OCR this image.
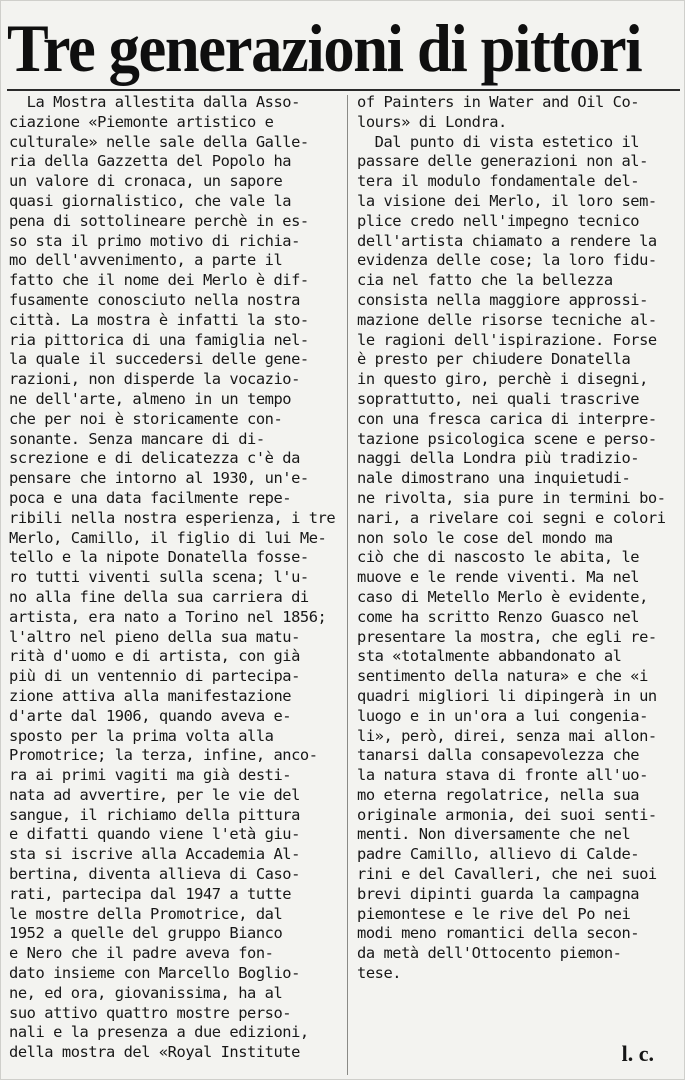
Tre generazioni di pittori
La Mostra allestita dalla Asso-
ciazione «Piemonte artistico e
culturale» nelle sale della Galle-
ria della Gazzetta del Popolo ha
un valore di cronaca, un sapore
quasi giornalistico, che vale la
pena di sottolineare perchè in es-
so sta il primo motivo di richia-
mo dell'avvenimento, a parte il
fatto che il nome dei Merlo è dif-
fusamente conosciuto nella nostra
città. La mostra è infatti la sto-
ria pittorica di una famiglia nel-
la quale il succedersi delle gene-
razioni, non disperde la vocazio-
ne dell'arte, almeno in un tempo
che per noi è storicamente con-
sonante. Senza mancare di di-
screzione e di delicatezza c'è da
pensare che intorno al 1930, un'e-
poca e una data facilmente repe-
ribili nella nostra esperienza, i tre
Merlo, Camillo, il figlio di lui Me-
tello e la nipote Donatella fosse-
ro tutti viventi sulla scena; l'u-
no alla fine della sua carriera di
artista, era nato a Torino nel 1856;
l'altro nel pieno della sua matu-
rità d'uomo e di artista, con già
più di un ventennio di partecipa-
zione attiva alla manifestazione
d'arte dal 1906, quando aveva e-
sposto per la prima volta alla
Promotrice; la terza, infine, anco-
ra ai primi vagiti ma già desti-
nata ad avvertire, per le vie del
sangue, il richiamo della pittura
e difatti quando viene l'età giu-
sta si iscrive alla Accademia Al-
bertina, diventa allieva di Caso-
rati, partecipa dal 1947 a tutte
le mostre della Promotrice, dal
1952 a quelle del gruppo Bianco
e Nero che il padre aveva fon-
dato insieme con Marcello Boglio-
ne, ed ora, giovanissima, ha al
suo attivo quattro mostre perso-
nali e la presenza a due edizioni,
della mostra del «Royal Institute
of Painters in Water and Oil Co-
lours» di Londra.
Dal punto di vista estetico il
passare delle generazioni non al-
tera il modulo fondamentale del-
la visione dei Merlo, il loro sem-
plice credo nell'impegno tecnico
dell'artista chiamato a rendere la
evidenza delle cose; la loro fidu-
cia nel fatto che la bellezza
consista nella maggiore approssi-
mazione delle risorse tecniche al-
le ragioni dell'ispirazione. Forse
è presto per chiudere Donatella
in questo giro, perchè i disegni,
soprattutto, nei quali trascrive
con una fresca carica di interpre-
tazione psicologica scene e perso-
naggi della Londra più tradizio-
nale dimostrano una inquietudi-
ne rivolta, sia pure in termini bo-
nari, a rivelare coi segni e colori
non solo le cose del mondo ma
ciò che di nascosto le abita, le
muove e le rende viventi. Ma nel
caso di Metello Merlo è evidente,
come ha scritto Renzo Guasco nel
presentare la mostra, che egli re-
sta «totalmente abbandonato al
sentimento della natura» e che «i
quadri migliori li dipingerà in un
luogo e in un'ora a lui congenia-
li», però, direi, senza mai allon-
tanarsi dalla consapevolezza che
la natura stava di fronte all'uo-
mo eterna regolatrice, nella sua
originale armonia, dei suoi senti-
menti. Non diversamente che nel
padre Camillo, allievo di Calde-
rini e del Cavalleri, che nei suoi
brevi dipinti guarda la campagna
piemontese e le rive del Po nei
modi meno romantici della secon-
da metà dell'Ottocento piemon-
tese.
l. c.
